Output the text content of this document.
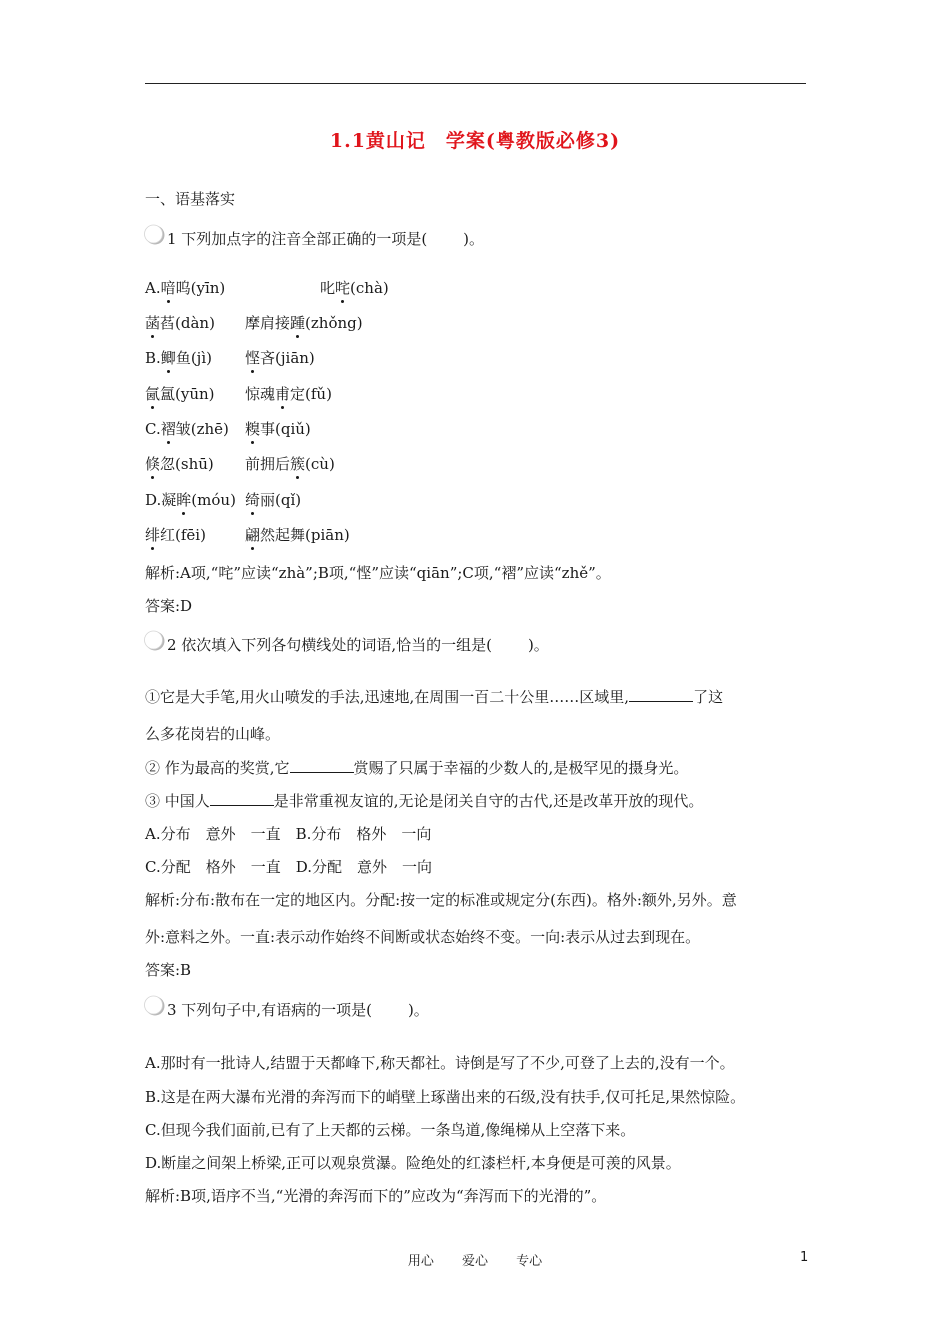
1.1黄山记　学案(粤教版必修3)
一、语基落实
1 下列加点字的注音全部正确的一项是( )。
A.喑呜(yīn)	叱咤(chà)
菡萏(dàn) 摩肩接踵(zhǒng)
B.鲫鱼(jì) 悭吝(jiān)
氤氲(yūn) 惊魂甫定(fǔ)
C.褶皱(zhē) 糗事(qiǔ)
倏忽(shū) 前拥后簇(cù)
D.凝眸(móu) 绮丽(qǐ)
绯红(fēi)	翩然起舞(piān)
解析:A项,“咤”应读“zhà”;B项,“悭”应读“qiān”;C项,“褶”应读“zhě”。
答案:D
2 依次填入下列各句横线处的词语,恰当的一组是( )。
①它是大手笔,用火山喷发的手法,迅速地,在周围一百二十公里……区域里,	了这
么多花岗岩的山峰。
② 作为最高的奖赏,它	赏赐了只属于幸福的少数人的,是极罕见的摄身光。
③ 中国人	是非常重视友谊的,无论是闭关自守的古代,还是改革开放的现代。
A.分布　意外　一直　B.分布　格外　一向
C.分配　格外　一直　D.分配　意外　一向
解析:分布:散布在一定的地区内。分配:按一定的标准或规定分(东西)。格外:额外,另外。意
外:意料之外。一直:表示动作始终不间断或状态始终不变。一向:表示从过去到现在。
答案:B
3 下列句子中,有语病的一项是( )。
A.那时有一批诗人,结盟于天都峰下,称天都社。诗倒是写了不少,可登了上去的,没有一个。
B.这是在两大瀑布光滑的奔泻而下的峭壁上琢凿出来的石级,没有扶手,仅可托足,果然惊险。
C.但现今我们面前,已有了上天都的云梯。一条鸟道,像绳梯从上空落下来。
D.断崖之间架上桥梁,正可以观泉赏瀑。险绝处的红漆栏杆,本身便是可羡的风景。
解析:B项,语序不当,“光滑的奔泻而下的”应改为“奔泻而下的光滑的”。
用心 爱心 专心	1
